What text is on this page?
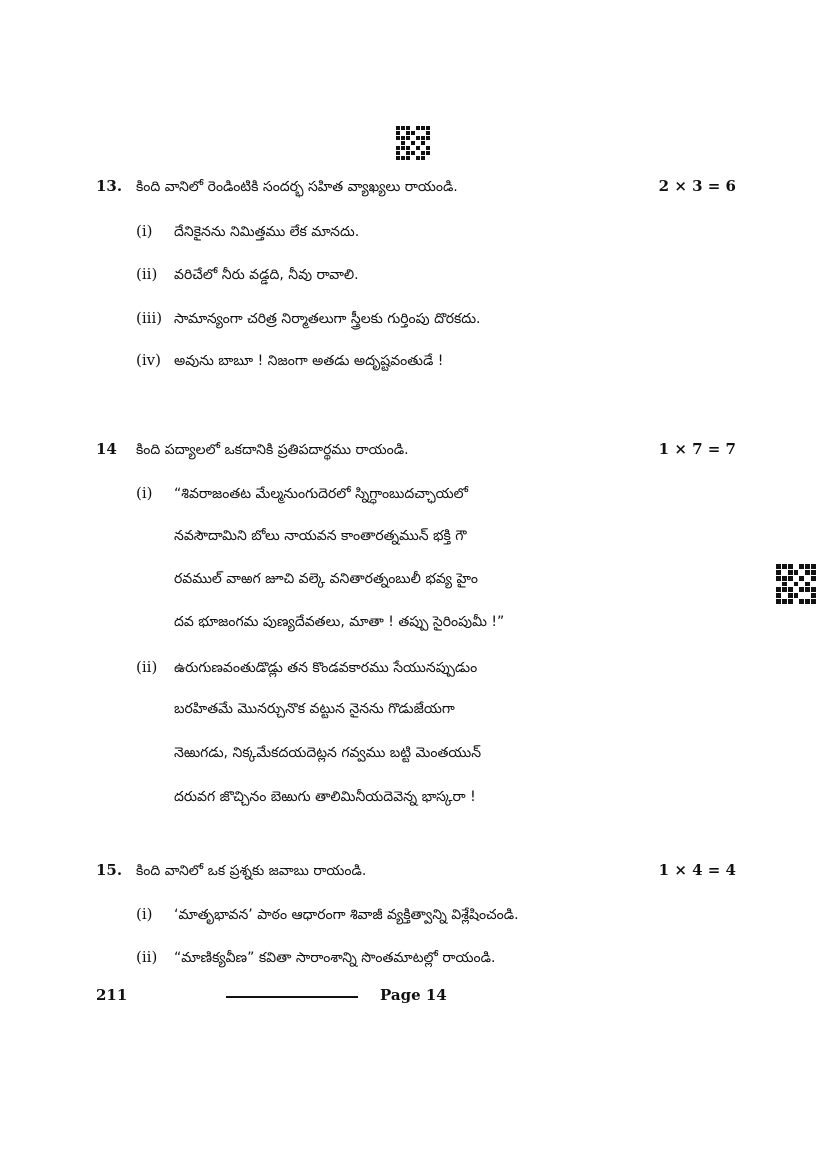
13. కింది వానిలో రెండింటికి సందర్భ సహిత వ్యాఖ్యలు రాయండి.	2 × 3 = 6
(i)	దేనికైనను నిమిత్తము లేక మానదు.
(ii)	వరిచేలో నీరు వడ్డది, నీవు రావాలి.
(iii) సామాన్యంగా చరిత్ర నిర్మాతలుగా స్త్రీలకు గుర్తింపు దొరకదు.
(iv) అవును బాబూ ! నిజంగా అతడు అదృష్టవంతుడే !
14	కింది పద్యాలలో ఒకదానికి ప్రతిపదార్థము రాయండి.	1 × 7 = 7
(i)	“శివరాజంతట మేల్మనుంగుదెరలో స్నిగ్ధాంబుదచ్ఛాయలో
నవసౌదామిని బోలు నాయవన కాంతారత్నమున్ భక్తి గౌ
రవముల్ వాఱగ జూచి వల్కె వనితారత్నంబులీ భవ్య హైం
దవ భూజంగమ పుణ్యదేవతలు, మాతా ! తప్పు సైరింపుమీ !”
(ii)	ఉరుగుణవంతుడొడ్లు తన కొండవకారము సేయునప్పుడుం
బరహితమే మొనర్చునొక వట్టున నైనను గొడుజేయగా
నెఱుగడు, నిక్కమేకదయదెట్లన గవ్వము బట్టి మెంతయున్
దరువగ జొచ్చినం బెఱుగు తాలిమినీయదెవెన్న భాస్కరా !
15. కింది వానిలో ఒక ప్రశ్నకు జవాబు రాయండి.	1 × 4 = 4
(i)	‘మాతృభావన’ పాఠం ఆధారంగా శివాజీ వ్యక్తిత్వాన్ని విశ్లేషించండి.
(ii)	“మాణిక్యవీణ” కవితా సారాంశాన్ని సొంతమాటల్లో రాయండి.
211	Page 14
